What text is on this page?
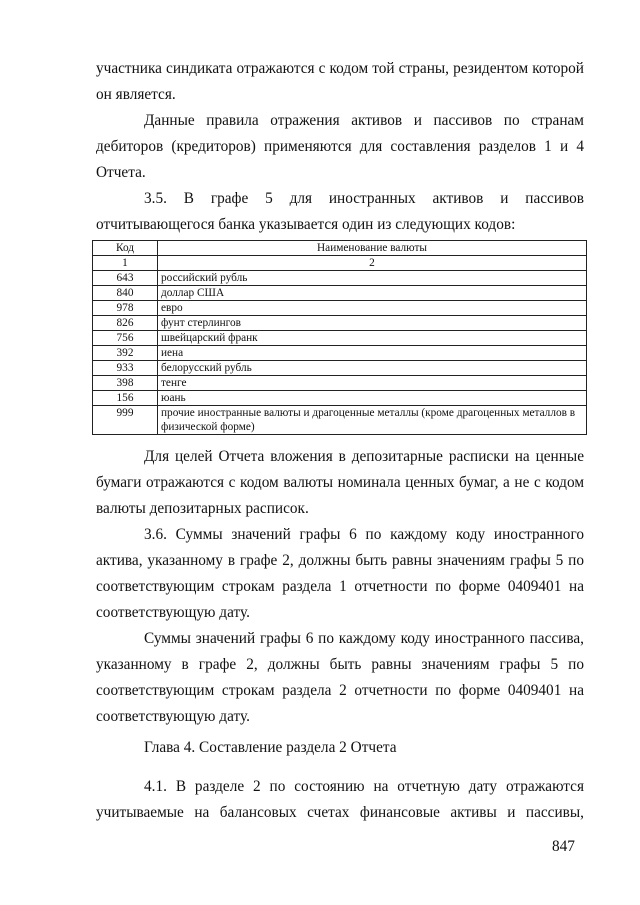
участника синдиката отражаются с кодом той страны, резидентом которой
он является.
Данные правила отражения активов и пассивов по странам
дебиторов (кредиторов) применяются для составления разделов 1 и 4
Отчета.
3.5. В графе 5 для иностранных активов и пассивов
отчитывающегося банка указывается один из следующих кодов:
Код	Наименование валюты
1	2
643	российский рубль
840	доллар США
978	евро
826	фунт стерлингов
756	швейцарский франк
392	иена
933	белорусский рубль
398	тенге
156	юань
999	прочие иностранные валюты и драгоценные металлы (кроме драгоценных металлов в физической форме)
Для целей Отчета вложения в депозитарные расписки на ценные
бумаги отражаются с кодом валюты номинала ценных бумаг, а не с кодом
валюты депозитарных расписок.
3.6. Суммы значений графы 6 по каждому коду иностранного
актива, указанному в графе 2, должны быть равны значениям графы 5 по
соответствующим строкам раздела 1 отчетности по форме 0409401 на
соответствующую дату.
Суммы значений графы 6 по каждому коду иностранного пассива,
указанному в графе 2, должны быть равны значениям графы 5 по
соответствующим строкам раздела 2 отчетности по форме 0409401 на
соответствующую дату.
Глава 4. Составление раздела 2 Отчета
4.1. В разделе 2 по состоянию на отчетную дату отражаются
учитываемые на балансовых счетах финансовые активы и пассивы,
847
